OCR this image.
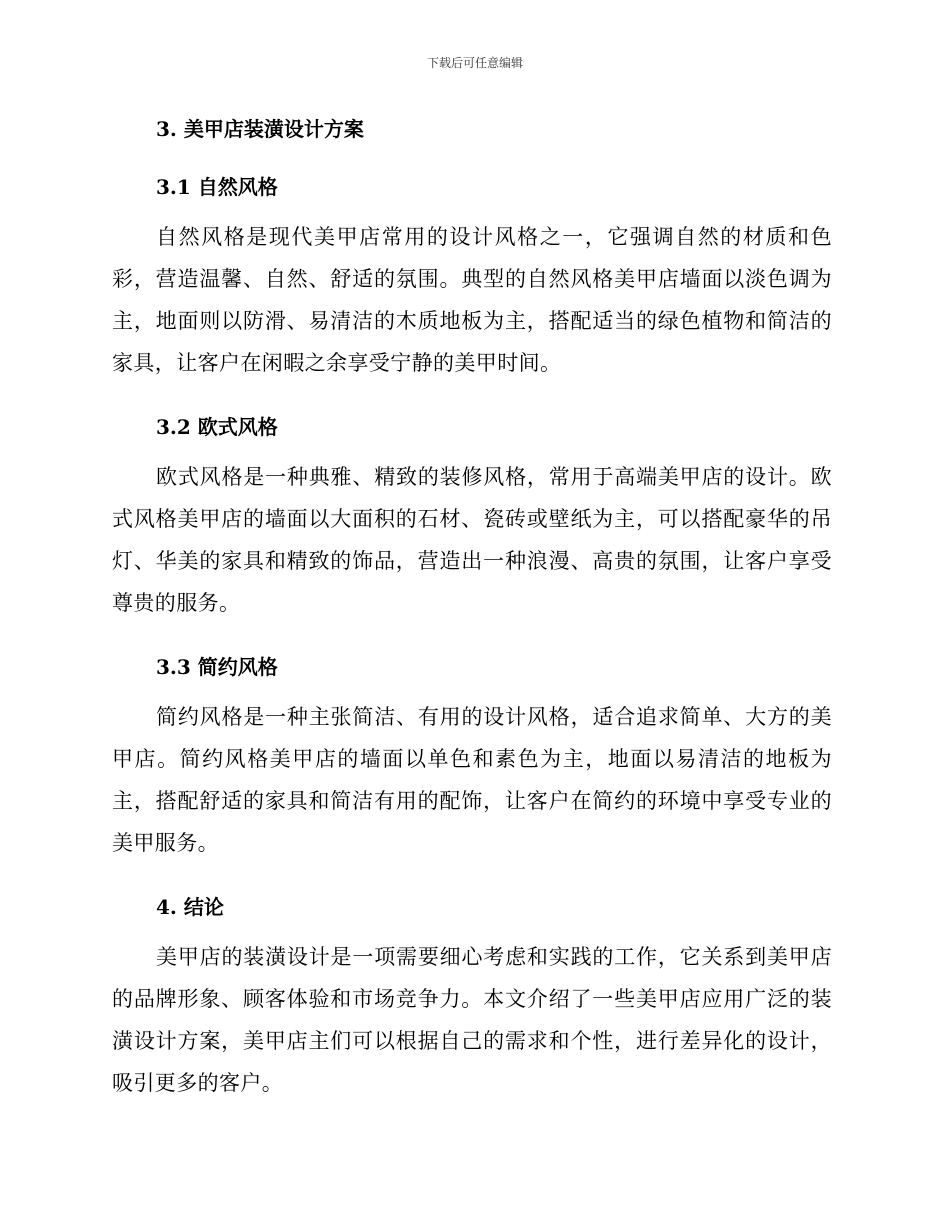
下载后可任意编辑
3. 美甲店装潢设计方案
3.1 自然风格

自然风格是现代美甲店常用的设计风格之一，它强调自然的材质和色彩，营造温馨、自然、舒适的氛围。典型的自然风格美甲店墙面以淡色调为主，地面则以防滑、易清洁的木质地板为主，搭配适当的绿色植物和简洁的家具，让客户在闲暇之余享受宁静的美甲时间。

3.2 欧式风格

欧式风格是一种典雅、精致的装修风格，常用于高端美甲店的设计。欧式风格美甲店的墙面以大面积的石材、瓷砖或壁纸为主，可以搭配豪华的吊灯、华美的家具和精致的饰品，营造出一种浪漫、高贵的氛围，让客户享受尊贵的服务。

3.3 简约风格

简约风格是一种主张简洁、有用的设计风格，适合追求简单、大方的美甲店。简约风格美甲店的墙面以单色和素色为主，地面以易清洁的地板为主，搭配舒适的家具和简洁有用的配饰，让客户在简约的环境中享受专业的美甲服务。

4. 结论

美甲店的装潢设计是一项需要细心考虑和实践的工作，它关系到美甲店的品牌形象、顾客体验和市场竞争力。本文介绍了一些美甲店应用广泛的装潢设计方案，美甲店主们可以根据自己的需求和个性，进行差异化的设计，吸引更多的客户。
